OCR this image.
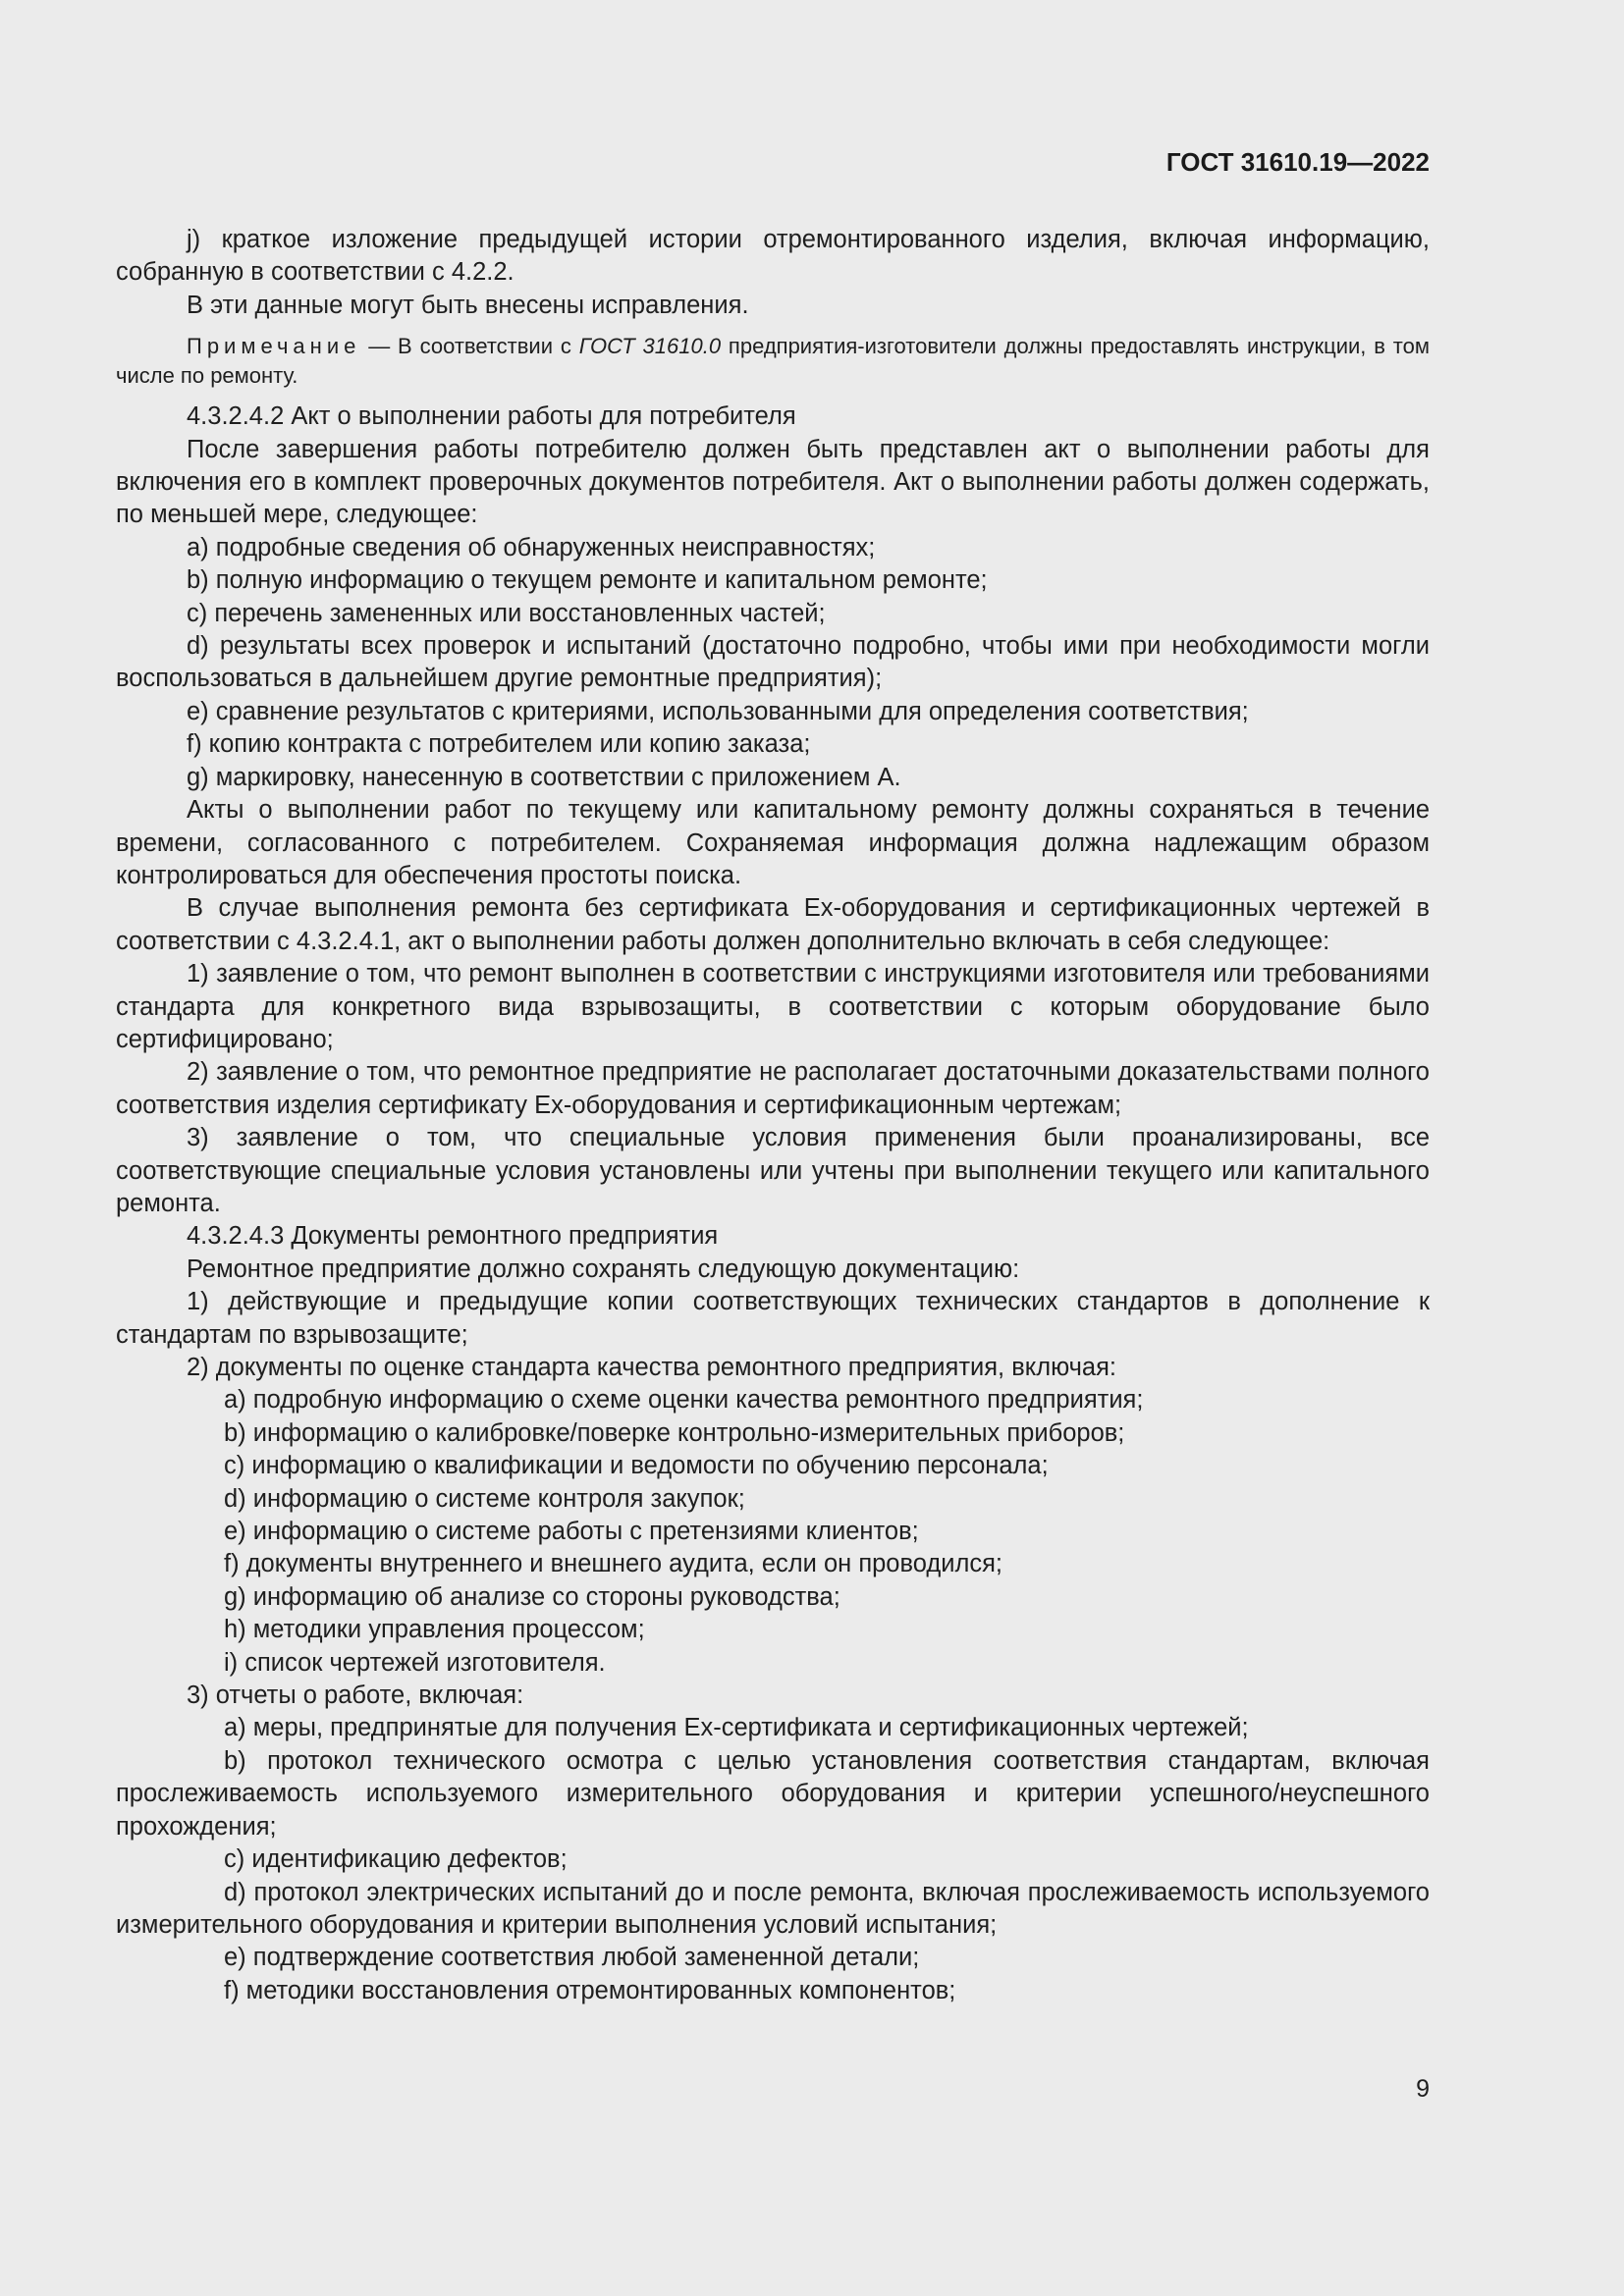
ГОСТ 31610.19—2022

j) краткое изложение предыдущей истории отремонтированного изделия, включая информацию, собранную в соответствии с 4.2.2.

В эти данные могут быть внесены исправления.

Примечание — В соответствии с ГОСТ 31610.0 предприятия-изготовители должны предоставлять инструкции, в том числе по ремонту.

4.3.2.4.2 Акт о выполнении работы для потребителя

После завершения работы потребителю должен быть представлен акт о выполнении работы для включения его в комплект проверочных документов потребителя. Акт о выполнении работы должен содержать, по меньшей мере, следующее:

a) подробные сведения об обнаруженных неисправностях;

b) полную информацию о текущем ремонте и капитальном ремонте;

c) перечень замененных или восстановленных частей;

d) результаты всех проверок и испытаний (достаточно подробно, чтобы ими при необходимости могли воспользоваться в дальнейшем другие ремонтные предприятия);

e) сравнение результатов с критериями, использованными для определения соответствия;

f) копию контракта с потребителем или копию заказа;

g) маркировку, нанесенную в соответствии с приложением А.

Акты о выполнении работ по текущему или капитальному ремонту должны сохраняться в течение времени, согласованного с потребителем. Сохраняемая информация должна надлежащим образом контролироваться для обеспечения простоты поиска.

В случае выполнения ремонта без сертификата Ех-оборудования и сертификационных чертежей в соответствии с 4.3.2.4.1, акт о выполнении работы должен дополнительно включать в себя следующее:

1) заявление о том, что ремонт выполнен в соответствии с инструкциями изготовителя или требованиями стандарта для конкретного вида взрывозащиты, в соответствии с которым оборудование было сертифицировано;

2) заявление о том, что ремонтное предприятие не располагает достаточными доказательствами полного соответствия изделия сертификату Ех-оборудования и сертификационным чертежам;

3) заявление о том, что специальные условия применения были проанализированы, все соответствующие специальные условия установлены или учтены при выполнении текущего или капитального ремонта.

4.3.2.4.3 Документы ремонтного предприятия

Ремонтное предприятие должно сохранять следующую документацию:

1) действующие и предыдущие копии соответствующих технических стандартов в дополнение к стандартам по взрывозащите;

2) документы по оценке стандарта качества ремонтного предприятия, включая:

a) подробную информацию о схеме оценки качества ремонтного предприятия;

b) информацию о калибровке/поверке контрольно-измерительных приборов;

c) информацию о квалификации и ведомости по обучению персонала;

d) информацию о системе контроля закупок;

e) информацию о системе работы с претензиями клиентов;

f) документы внутреннего и внешнего аудита, если он проводился;

g) информацию об анализе со стороны руководства;

h) методики управления процессом;

i) список чертежей изготовителя.

3) отчеты о работе, включая:

a) меры, предпринятые для получения Ех-сертификата и сертификационных чертежей;

b) протокол технического осмотра с целью установления соответствия стандартам, включая прослеживаемость используемого измерительного оборудования и критерии успешного/неуспешного прохождения;

c) идентификацию дефектов;

d) протокол электрических испытаний до и после ремонта, включая прослеживаемость используемого измерительного оборудования и критерии выполнения условий испытания;

e) подтверждение соответствия любой замененной детали;

f) методики восстановления отремонтированных компонентов;

9
